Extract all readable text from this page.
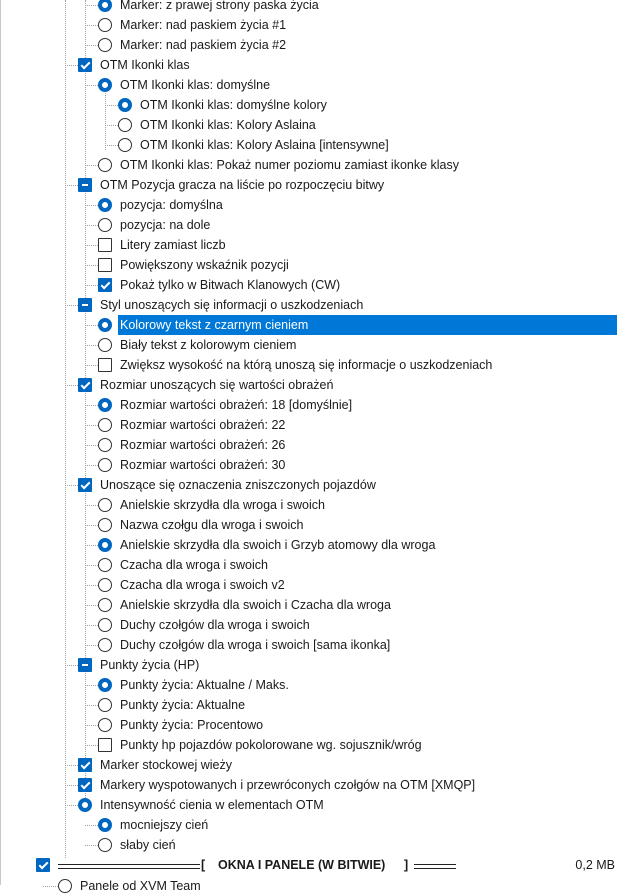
Marker: z prawej strony paska życia
Marker: nad paskiem życia #1
Marker: nad paskiem życia #2
OTM Ikonki klas
OTM Ikonki klas: domyślne
OTM Ikonki klas: domyślne kolory
OTM Ikonki klas: Kolory Aslaina
OTM Ikonki klas: Kolory Aslaina [intensywne]
OTM Ikonki klas: Pokaż numer poziomu zamiast ikonke klasy
OTM Pozycja gracza na liście po rozpoczęciu bitwy
pozycja: domyślna
pozycja: na dole
Litery zamiast liczb
Powiększony wskaźnik pozycji
Pokaż tylko w Bitwach Klanowych (CW)
Styl unoszących się informacji o uszkodzeniach
Kolorowy tekst z czarnym cieniem
Biały tekst z kolorowym cieniem
Zwiększ wysokość na którą unoszą się informacje o uszkodzeniach
Rozmiar unoszących się wartości obrażeń
Rozmiar wartości obrażeń: 18 [domyślnie]
Rozmiar wartości obrażeń: 22
Rozmiar wartości obrażeń: 26
Rozmiar wartości obrażeń: 30
Unoszące się oznaczenia zniszczonych pojazdów
Anielskie skrzydła dla wroga i swoich
Nazwa czołgu dla wroga i swoich
Anielskie skrzydła dla swoich i Grzyb atomowy dla wroga
Czacha dla wroga i swoich
Czacha dla wroga i swoich v2
Anielskie skrzydła dla swoich i Czacha dla wroga
Duchy czołgów dla wroga i swoich
Duchy czołgów dla wroga i swoich [sama ikonka]
Punkty życia (HP)
Punkty życia: Aktualne / Maks.
Punkty życia: Aktualne
Punkty życia: Procentowo
Punkty hp pojazdów pokolorowane wg. sojusznik/wróg
Marker stockowej wieży
Markery wyspotowanych i przewróconych czołgów na OTM [XMQP]
Intensywność cienia w elementach OTM
mocniejszy cień
słaby cień
[ OKNA I PANELE (W BITWIE) ]	0,2 MB
Panele od XVM Team
